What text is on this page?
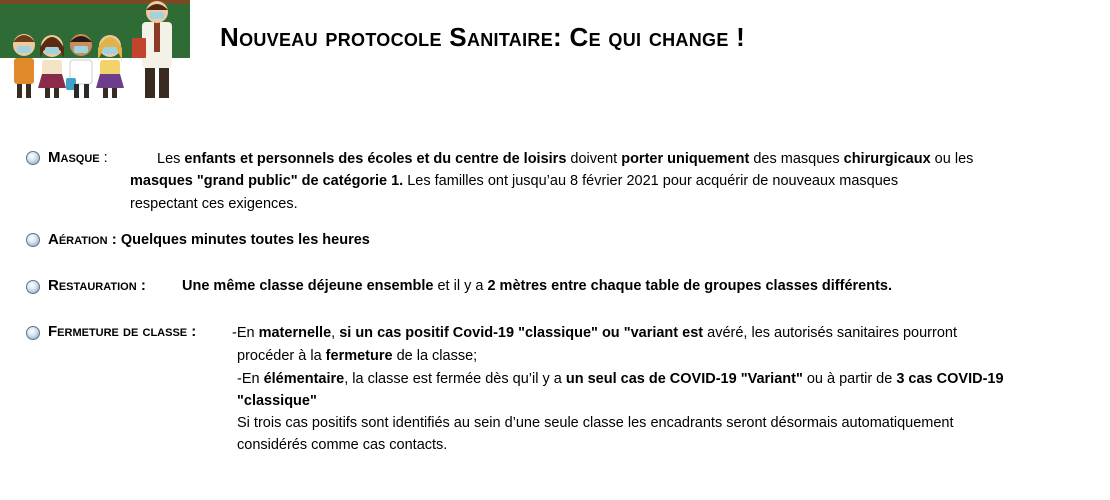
Nouveau protocole Sanitaire: Ce qui change !
Masque :	Les enfants et personnels des écoles et du centre de loisirs doivent porter uniquement des masques chirurgicaux ou les
masques "grand public" de catégorie 1. Les familles ont jusqu’au 8 février 2021 pour acquérir de nouveaux masques
respectant ces exigences.
Aération : Quelques minutes toutes les heures
Restauration : Une même classe déjeune ensemble et il y a 2 mètres entre chaque table de groupes classes différents.
Fermeture de classe : -En maternelle, si un cas positif Covid-19 "classique" ou "variant est avéré, les autorisés sanitaires pourront
procéder à la fermeture de la classe;
-En élémentaire, la classe est fermée dès qu’il y a un seul cas de COVID-19 "Variant" ou à partir de 3 cas COVID-19
"classique"
Si trois cas positifs sont identifiés au sein d’une seule classe les encadrants seront désormais automatiquement
considérés comme cas contacts.
